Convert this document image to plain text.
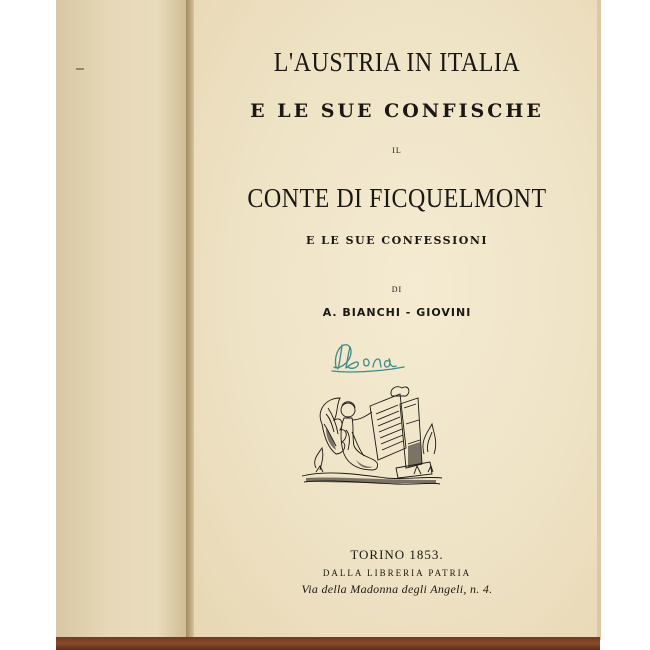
L'AUSTRIA IN ITALIA
E LE SUE CONFISCHE
IL
CONTE DI FICQUELMONT
E LE SUE CONFESSIONI
DI
A. BIANCHI - GIOVINI
TORINO 1853.
DALLA LIBRERIA PATRIA
Via della Madonna degli Angeli, n. 4.
